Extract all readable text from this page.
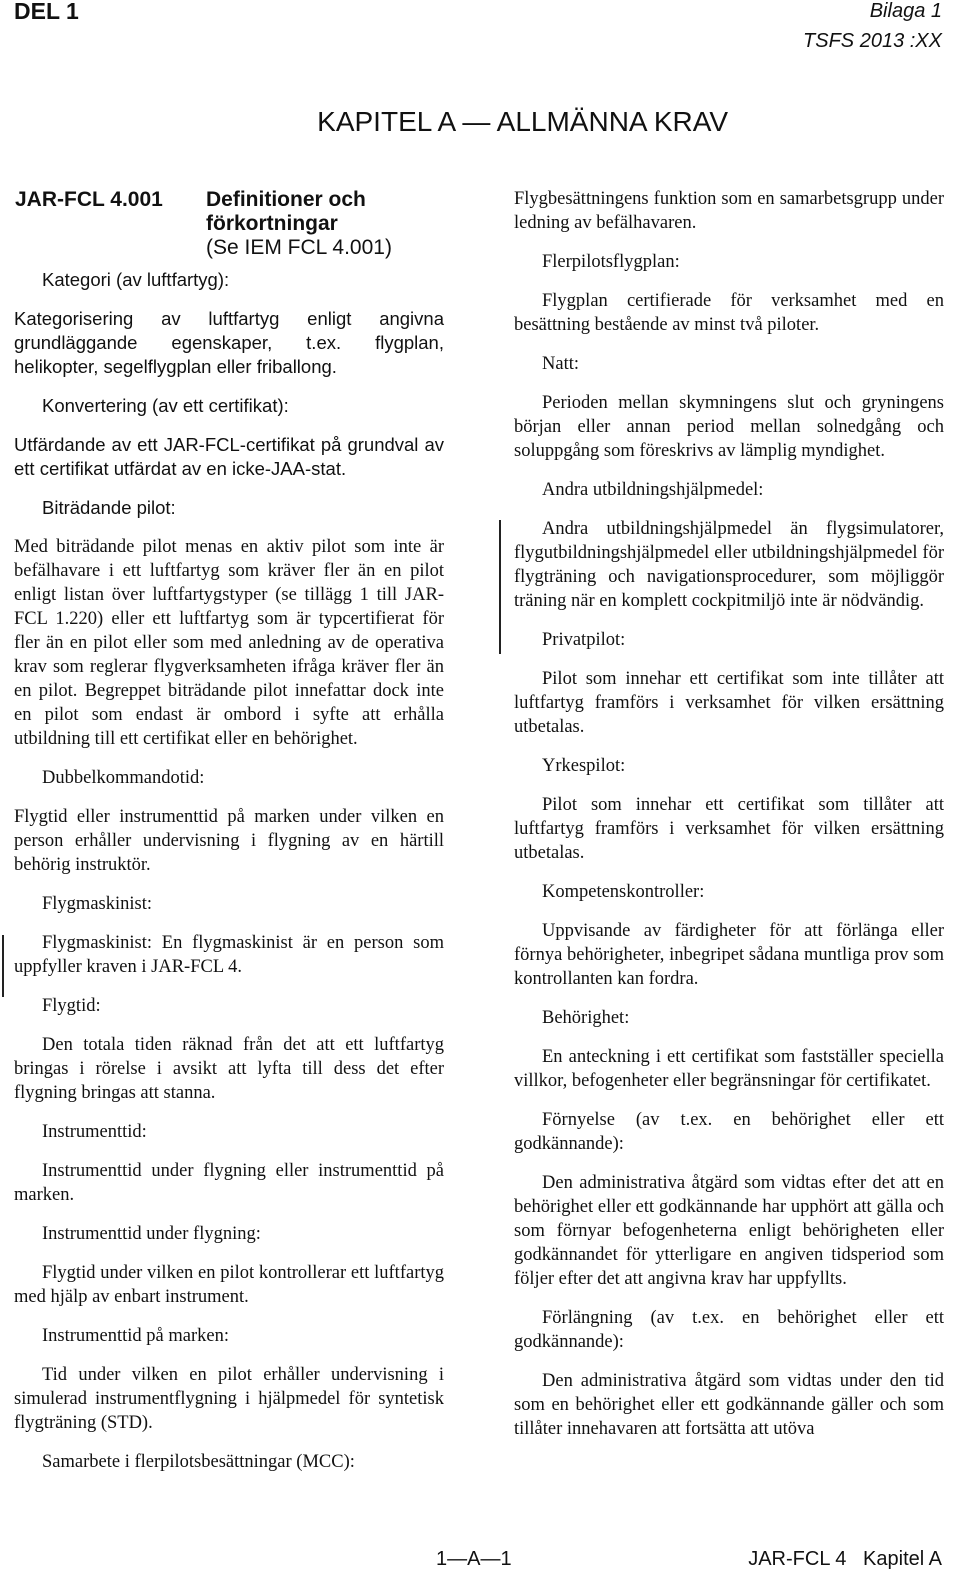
DEL 1	Bilaga 1
TSFS 2013 :XX
KAPITEL A — ALLMÄNNA KRAV
JAR-FCL 4.001 Definitioner och
förkortningar
(Se IEM FCL 4.001)
Kategori (av luftfartyg):
Kategorisering av luftfartyg enligt angivna grundläggande egenskaper, t.ex. flygplan, helikopter, segelflygplan eller friballong.
Konvertering (av ett certifikat):
Utfärdande av ett JAR-FCL-certifikat på grundval av ett certifikat utfärdat av en icke-JAA-stat.
Biträdande pilot:
Med biträdande pilot menas en aktiv pilot som inte är befälhavare i ett luftfartyg som kräver fler än en pilot enligt listan över luftfartygstyper (se tillägg 1 till JAR-FCL 1.220) eller ett luftfartyg som är typcertifierat för fler än en pilot eller som med anledning av de operativa krav som reglerar flygverksamheten ifråga kräver fler än en pilot. Begreppet biträdande pilot innefattar dock inte en pilot som endast är ombord i syfte att erhålla utbildning till ett certifikat eller en behörighet.
Dubbelkommandotid:
Flygtid eller instrumenttid på marken under vilken en person erhåller undervisning i flygning av en härtill behörig instruktör.
Flygmaskinist:
Flygmaskinist: En flygmaskinist är en person som uppfyller kraven i JAR-FCL 4.
Flygtid:
Den totala tiden räknad från det att ett luftfartyg bringas i rörelse i avsikt att lyfta till dess det efter flygning bringas att stanna.
Instrumenttid:
Instrumenttid under flygning eller instrumenttid på marken.
Instrumenttid under flygning:
Flygtid under vilken en pilot kontrollerar ett luftfartyg med hjälp av enbart instrument.
Instrumenttid på marken:
Tid under vilken en pilot erhåller undervisning i simulerad instrumentflygning i hjälpmedel för syntetisk flygträning (STD).
Samarbete i flerpilotsbesättningar (MCC):
Flygbesättningens funktion som en samarbetsgrupp under ledning av befälhavaren.
Flerpilotsflygplan:
Flygplan certifierade för verksamhet med en besättning bestående av minst två piloter.
Natt:
Perioden mellan skymningens slut och gryningens början eller annan period mellan solnedgång och soluppgång som föreskrivs av lämplig myndighet.
Andra utbildningshjälpmedel:
Andra utbildningshjälpmedel än flygsimulatorer, flygutbildningshjälpmedel eller utbildningshjälpmedel för flygträning och navigationsprocedurer, som möjliggör träning när en komplett cockpitmiljö inte är nödvändig.
Privatpilot:
Pilot som innehar ett certifikat som inte tillåter att luftfartyg framförs i verksamhet för vilken ersättning utbetalas.
Yrkespilot:
Pilot som innehar ett certifikat som tillåter att luftfartyg framförs i verksamhet för vilken ersättning utbetalas.
Kompetenskontroller:
Uppvisande av färdigheter för att förlänga eller förnya behörigheter, inbegripet sådana muntliga prov som kontrollanten kan fordra.
Behörighet:
En anteckning i ett certifikat som fastställer speciella villkor, befogenheter eller begränsningar för certifikatet.
Förnyelse (av t.ex. en behörighet eller ett godkännande):
Den administrativa åtgärd som vidtas efter det att en behörighet eller ett godkännande har upphört att gälla och som förnyar befogenheterna enligt behörigheten eller godkännandet för ytterligare en angiven tidsperiod som följer efter det att angivna krav har uppfyllts.
Förlängning (av t.ex. en behörighet eller ett godkännande):
Den administrativa åtgärd som vidtas under den tid som en behörighet eller ett godkännande gäller och som tillåter innehavaren att fortsätta att utöva
1—A—1	JAR-FCL 4   Kapitel A
